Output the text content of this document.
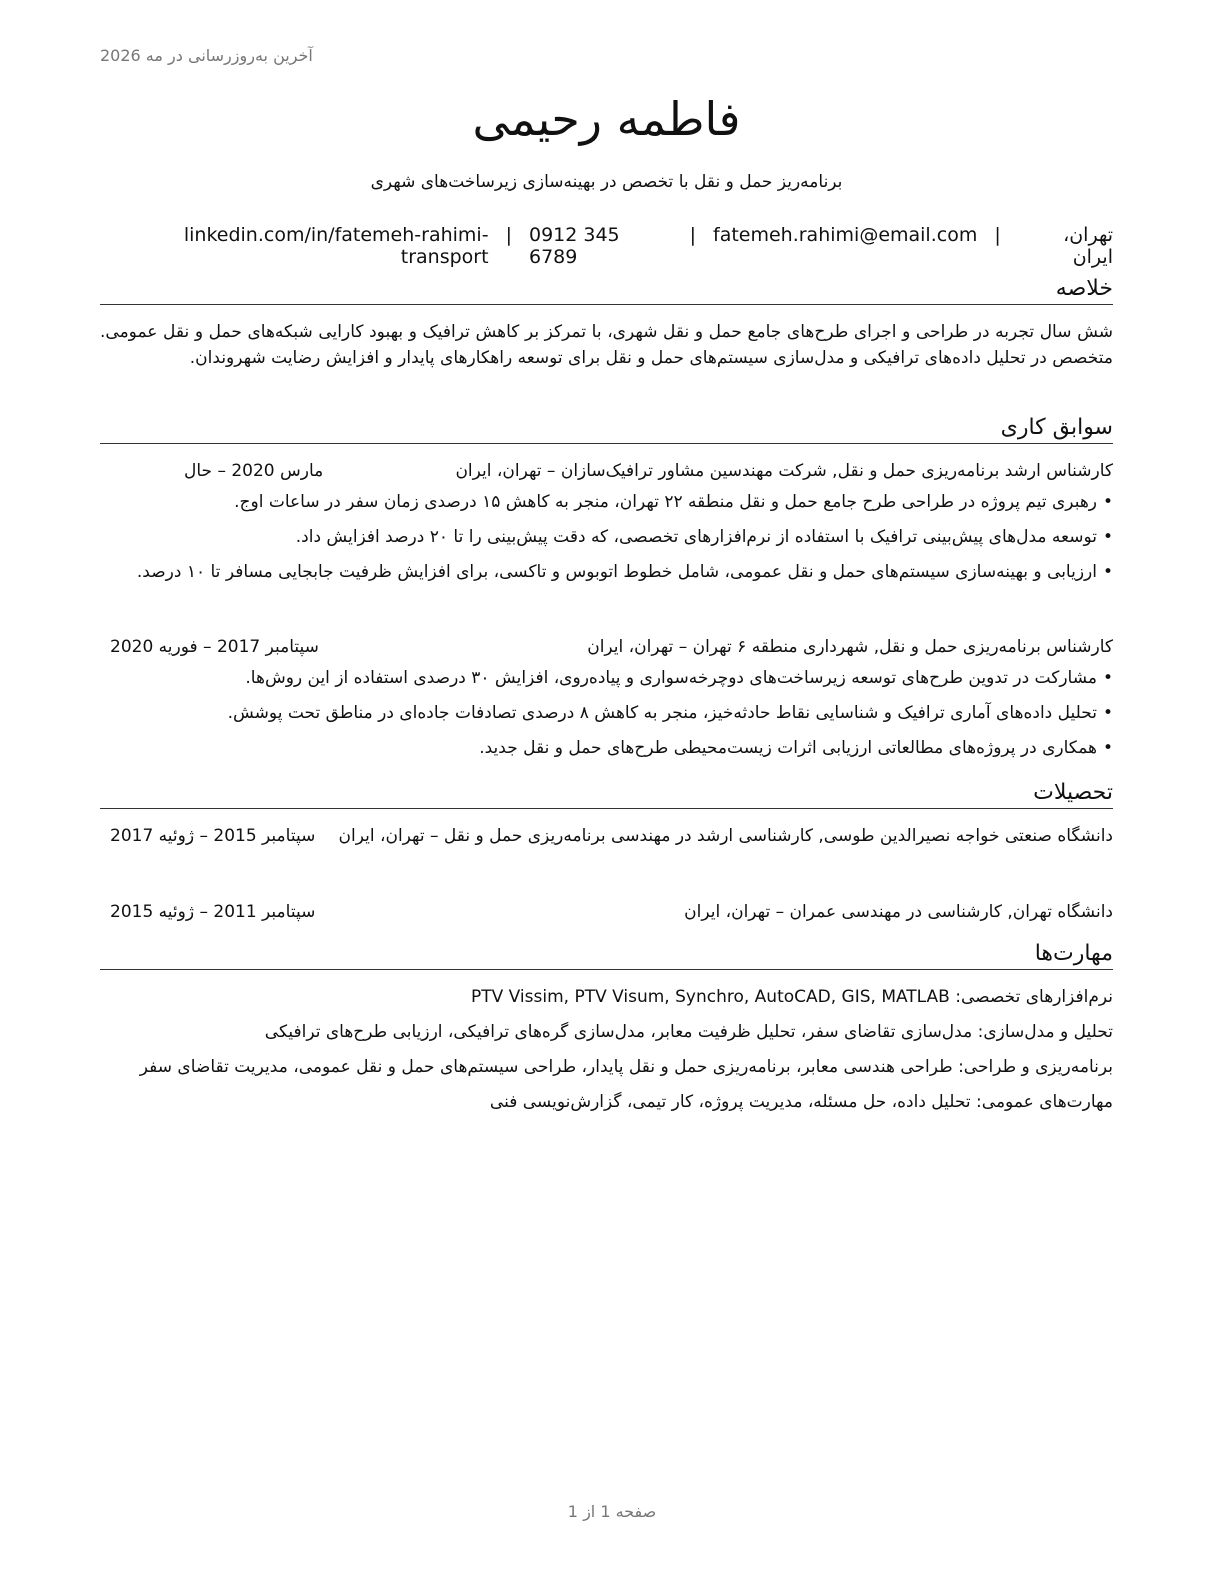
آخرین به‌روزرسانی در مه 2026
فاطمه رحیمی
برنامه‌ریز حمل و نقل با تخصص در بهینه‌سازی زیرساخت‌های شهری
تهران، ایران
|
fatemeh.rahimi@email.com
|
0912 345 6789
|
linkedin.com/in/fatemeh-rahimi-transport
خلاصه
شش سال تجربه در طراحی و اجرای طرح‌های جامع حمل و نقل شهری، با تمرکز بر کاهش ترافیک و بهبود کارایی شبکه‌های حمل و نقل عمومی. متخصص در تحلیل داده‌های ترافیکی و مدل‌سازی سیستم‌های حمل و نقل برای توسعه راهکارهای پایدار و افزایش رضایت شهروندان.
سوابق کاری
کارشناس ارشد برنامه‌ریزی حمل و نقل, شرکت مهندسین مشاور ترافیک‌سازان – تهران، ایران
مارس 2020 – حال
• رهبری تیم پروژه در طراحی طرح جامع حمل و نقل منطقه ۲۲ تهران، منجر به کاهش ۱۵ درصدی زمان سفر در ساعات اوج.
• توسعه مدل‌های پیش‌بینی ترافیک با استفاده از نرم‌افزارهای تخصصی، که دقت پیش‌بینی را تا ۲۰ درصد افزایش داد.
• ارزیابی و بهینه‌سازی سیستم‌های حمل و نقل عمومی، شامل خطوط اتوبوس و تاکسی، برای افزایش ظرفیت جابجایی مسافر تا ۱۰ درصد.
کارشناس برنامه‌ریزی حمل و نقل, شهرداری منطقه ۶ تهران – تهران، ایران
سپتامبر 2017 – فوریه 2020
• مشارکت در تدوین طرح‌های توسعه زیرساخت‌های دوچرخه‌سواری و پیاده‌روی، افزایش ۳۰ درصدی استفاده از این روش‌ها.
• تحلیل داده‌های آماری ترافیک و شناسایی نقاط حادثه‌خیز، منجر به کاهش ۸ درصدی تصادفات جاده‌ای در مناطق تحت پوشش.
• همکاری در پروژه‌های مطالعاتی ارزیابی اثرات زیست‌محیطی طرح‌های حمل و نقل جدید.
تحصیلات
دانشگاه صنعتی خواجه نصیرالدین طوسی, کارشناسی ارشد در مهندسی برنامه‌ریزی حمل و نقل – تهران، ایران
سپتامبر 2015 – ژوئیه 2017
دانشگاه تهران, کارشناسی در مهندسی عمران – تهران، ایران
سپتامبر 2011 – ژوئیه 2015
مهارت‌ها
نرم‌افزارهای تخصصی: PTV Vissim, PTV Visum, Synchro, AutoCAD, GIS, MATLAB
تحلیل و مدل‌سازی: مدل‌سازی تقاضای سفر، تحلیل ظرفیت معابر، مدل‌سازی گره‌های ترافیکی، ارزیابی طرح‌های ترافیکی
برنامه‌ریزی و طراحی: طراحی هندسی معابر، برنامه‌ریزی حمل و نقل پایدار، طراحی سیستم‌های حمل و نقل عمومی، مدیریت تقاضای سفر
مهارت‌های عمومی: تحلیل داده، حل مسئله، مدیریت پروژه، کار تیمی، گزارش‌نویسی فنی
صفحه 1 از 1
